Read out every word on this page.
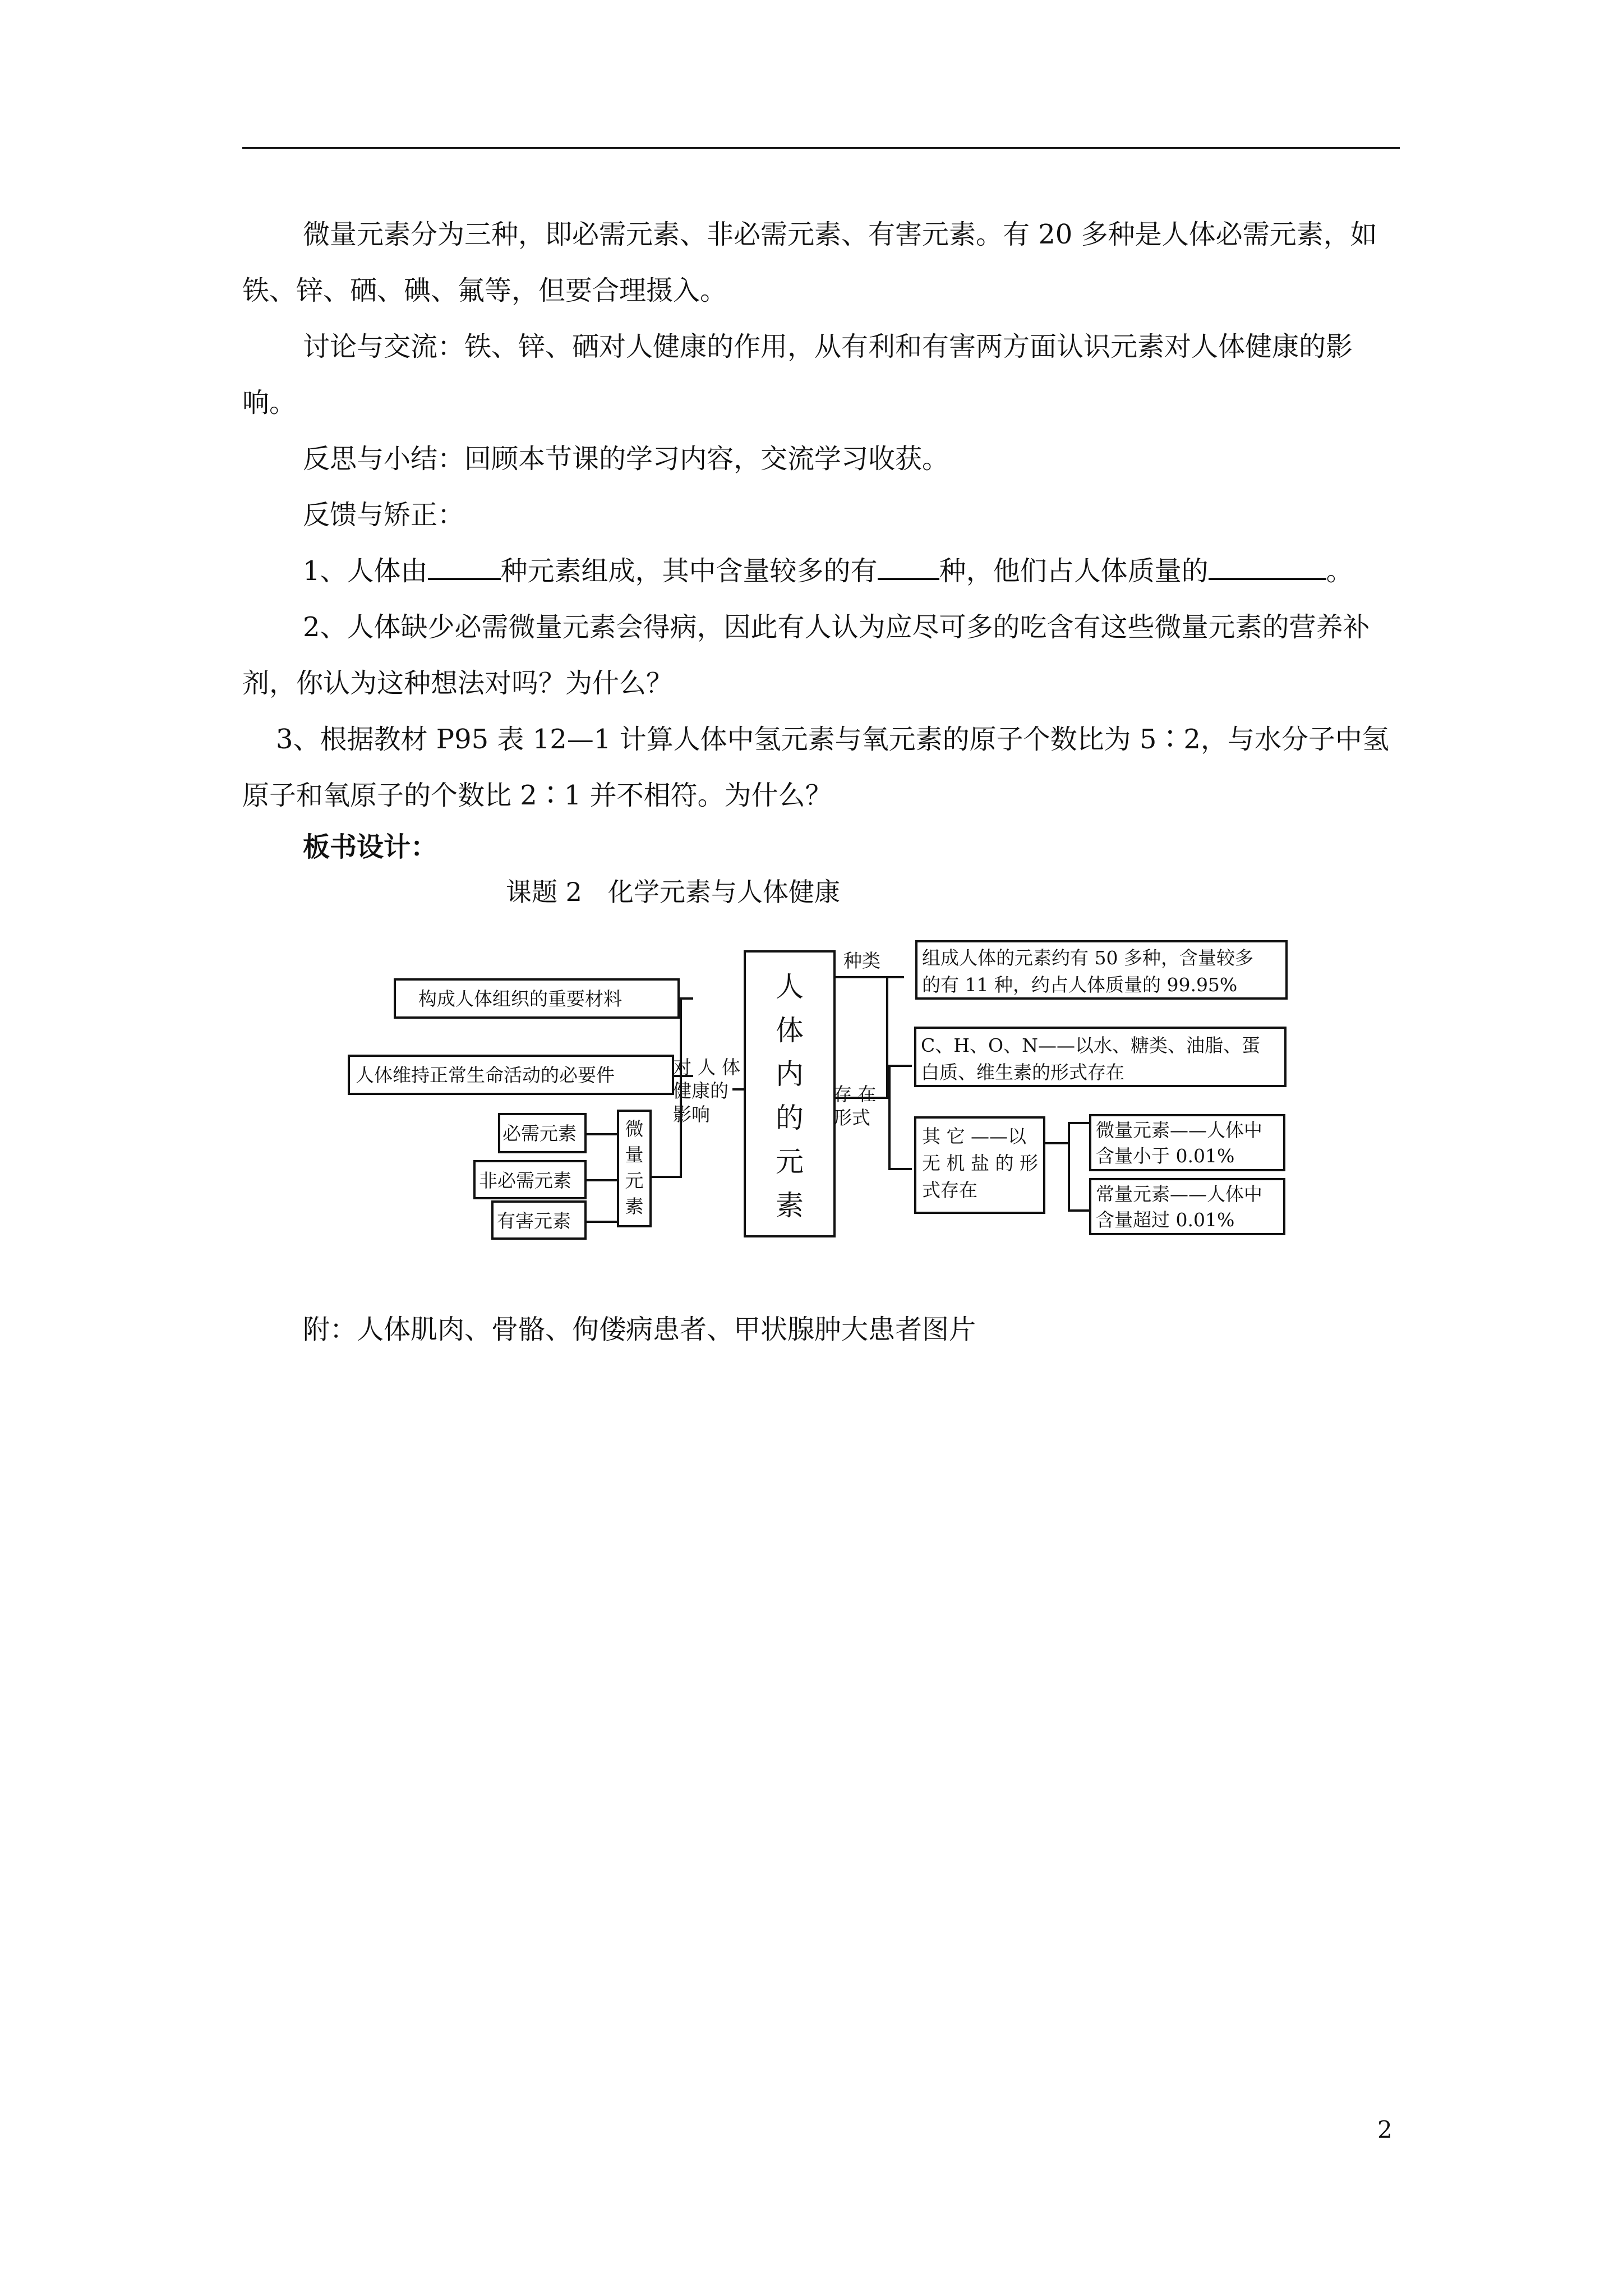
微量元素分为三种，即必需元素、非必需元素、有害元素。有 20 多种是人体必需元素，如铁、锌、硒、碘、氟等，但要合理摄入。

讨论与交流：铁、锌、硒对人健康的作用，从有利和有害两方面认识元素对人体健康的影响。

反思与小结：回顾本节课的学习内容，交流学习收获。

反馈与矫正：

1、人体由	种元素组成，其中含量较多的有 种，他们占人体质量的	。

2、人体缺少必需微量元素会得病，因此有人认为应尽可多的吃含有这些微量元素的营养补剂，你认为这种想法对吗？为什么？

3、根据教材 P95 表 12—1 计算人体中氢元素与氧元素的原子个数比为 5∶2，与水分子中氢原子和氧原子的个数比 2∶1 并不相符。为什么？

板书设计：

课题 2　化学元素与人体健康
人
体
内
的
元
素
构成人体组织的重要材料
人体维持正常生命活动的必要件	对 人 体
健康的
影响
微
量
元
素
必需元素
非必需元素
有害元素
种类 组成人体的元素约有 50 多种，含量较多
的有 11 种，约占人体质量的 99.95%
存 在
形式
C、H、O、N——以水、糖类、油脂、蛋
白质、维生素的形式存在
其 它 ——以
无 机 盐 的 形
式存在
微量元素——人体中
含量小于 0.01%
常量元素——人体中
含量超过 0.01%
附：人体肌肉、骨骼、佝偻病患者、甲状腺肿大患者图片
2
